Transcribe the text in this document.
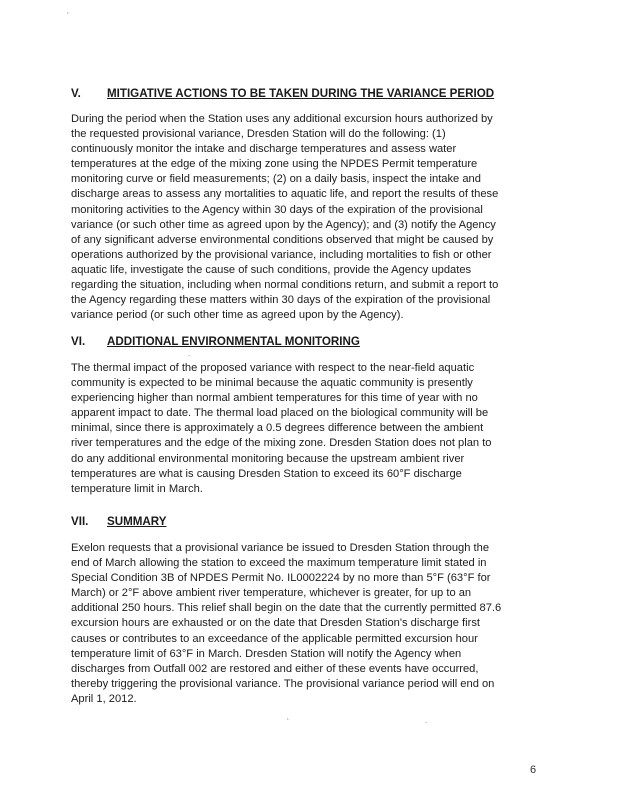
‘
.
‘	.
V. MITIGATIVE ACTIONS TO BE TAKEN DURING THE VARIANCE PERIOD

During the period when the Station uses any additional excursion hours authorized by
the requested provisional variance, Dresden Station will do the following: (1)
continuously monitor the intake and discharge temperatures and assess water
temperatures at the edge of the mixing zone using the NPDES Permit temperature
monitoring curve or field measurements; (2) on a daily basis, inspect the intake and
discharge areas to assess any mortalities to aquatic life, and report the results of these
monitoring activities to the Agency within 30 days of the expiration of the provisional
variance (or such other time as agreed upon by the Agency); and (3) notify the Agency
of any significant adverse environmental conditions observed that might be caused by
operations authorized by the provisional variance, including mortalities to fish or other
aquatic life, investigate the cause of such conditions, provide the Agency updates
regarding the situation, including when normal conditions return, and submit a report to
the Agency regarding these matters within 30 days of the expiration of the provisional
variance period (or such other time as agreed upon by the Agency).

VI. ADDITIONAL ENVIRONMENTAL MONITORING

The thermal impact of the proposed variance with respect to the near-field aquatic
community is expected to be minimal because the aquatic community is presently
experiencing higher than normal ambient temperatures for this time of year with no
apparent impact to date. The thermal load placed on the biological community will be
minimal, since there is approximately a 0.5 degrees difference between the ambient
river temperatures and the edge of the mixing zone. Dresden Station does not plan to
do any additional environmental monitoring because the upstream ambient river
temperatures are what is causing Dresden Station to exceed its 60°F discharge
temperature limit in March.

VII. SUMMARY

Exelon requests that a provisional variance be issued to Dresden Station through the
end of March allowing the station to exceed the maximum temperature limit stated in
Special Condition 3B of NPDES Permit No. IL0002224 by no more than 5°F (63°F for
March) or 2°F above ambient river temperature, whichever is greater, for up to an
additional 250 hours. This relief shall begin on the date that the currently permitted 87.6
excursion hours are exhausted or on the date that Dresden Station's discharge first
causes or contributes to an exceedance of the applicable permitted excursion hour
temperature limit of 63°F in March. Dresden Station will notify the Agency when
discharges from Outfall 002 are restored and either of these events have occurred,
thereby triggering the provisional variance. The provisional variance period will end on
April 1, 2012.

6
